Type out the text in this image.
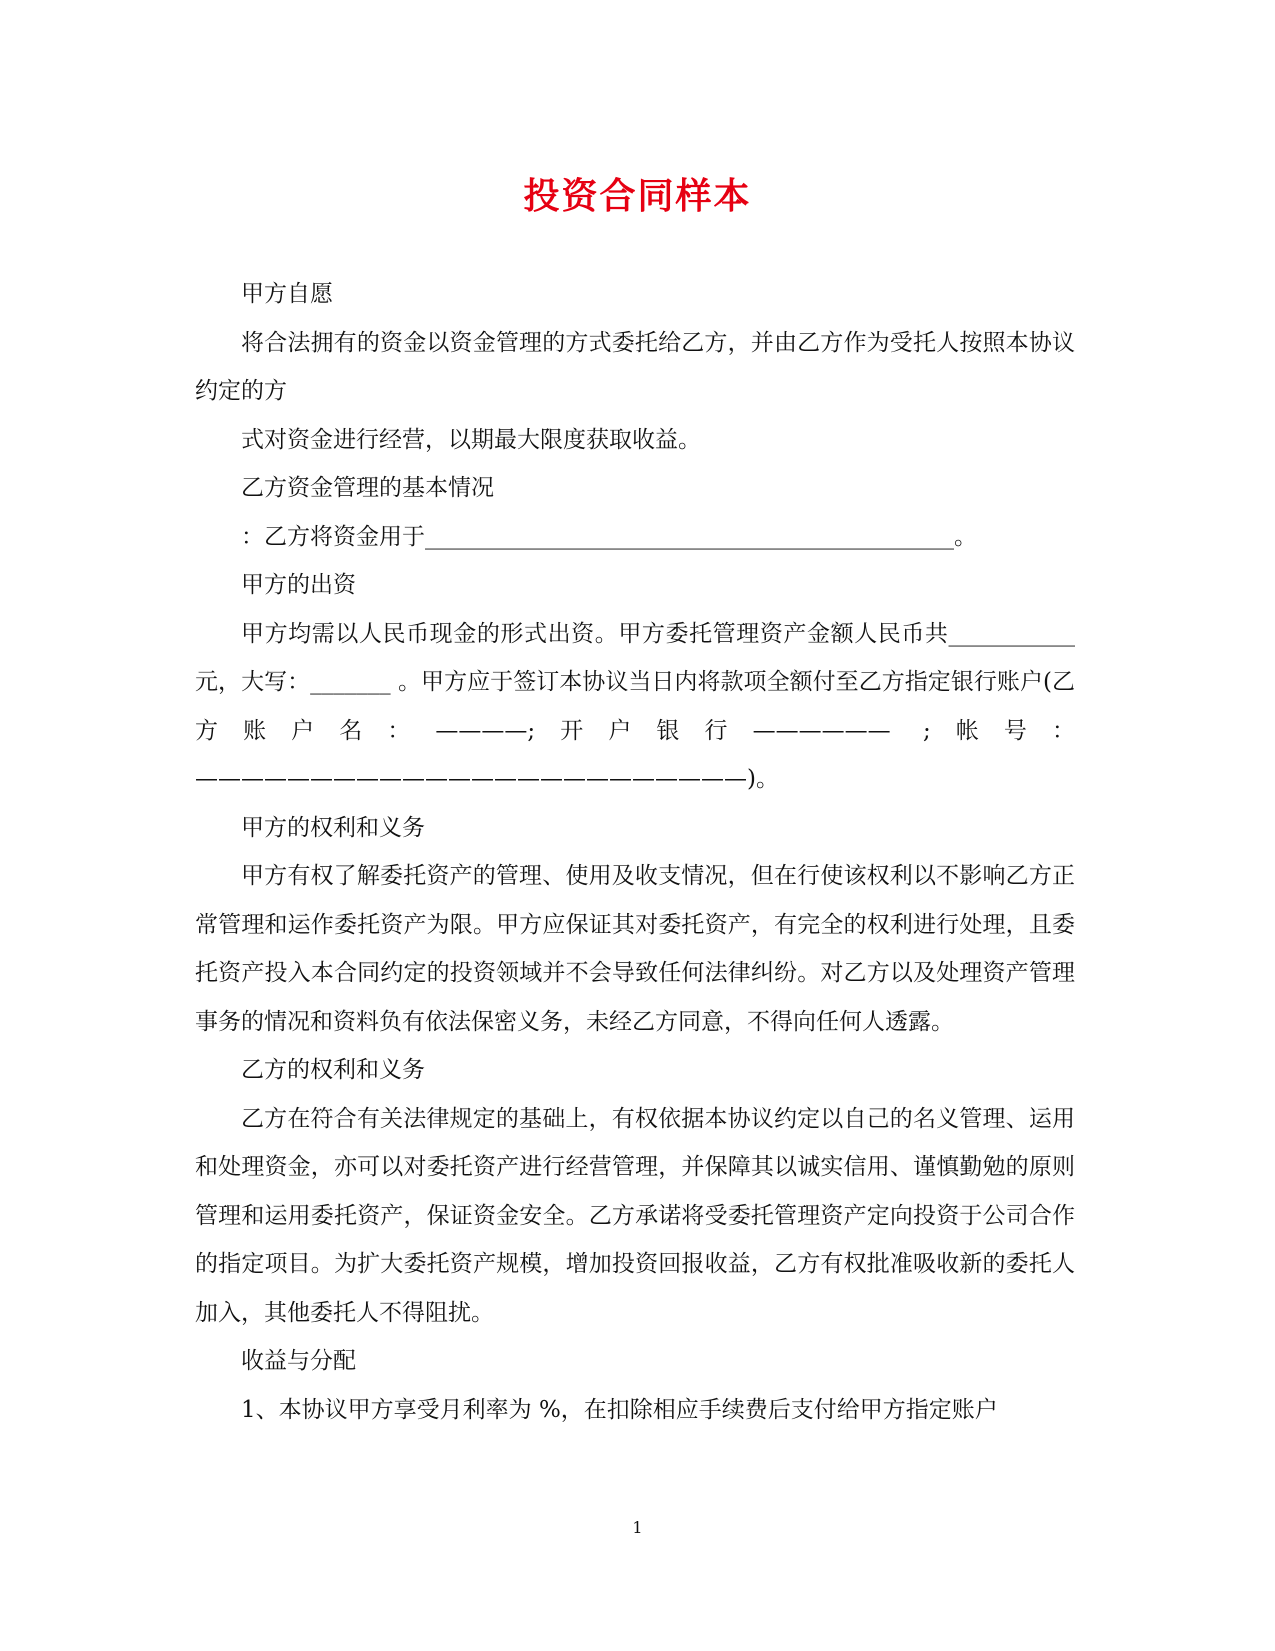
投资合同样本

甲方自愿

将合法拥有的资金以资金管理的方式委托给乙方，并由乙方作为受托人按照本协议约定的方

式对资金进行经营，以期最大限度获取收益。

乙方资金管理的基本情况

：乙方将资金用于______________________________________________。

甲方的出资

甲方均需以人民币现金的形式出资。甲方委托管理资产金额人民币共___________元，大写：_______ 。甲方应于签订本协议当日内将款项全额付至乙方指定银行账户(乙方账户名：————;开户银行—————— ;帐号：————————————————————————)。

甲方的权利和义务

甲方有权了解委托资产的管理、使用及收支情况，但在行使该权利以不影响乙方正常管理和运作委托资产为限。甲方应保证其对委托资产，有完全的权利进行处理，且委托资产投入本合同约定的投资领域并不会导致任何法律纠纷。对乙方以及处理资产管理事务的情况和资料负有依法保密义务，未经乙方同意，不得向任何人透露。

乙方的权利和义务

乙方在符合有关法律规定的基础上，有权依据本协议约定以自己的名义管理、运用和处理资金，亦可以对委托资产进行经营管理，并保障其以诚实信用、谨慎勤勉的原则管理和运用委托资产，保证资金安全。乙方承诺将受委托管理资产定向投资于公司合作的指定项目。为扩大委托资产规模，增加投资回报收益，乙方有权批准吸收新的委托人加入，其他委托人不得阻扰。

收益与分配

1、本协议甲方享受月利率为 %，在扣除相应手续费后支付给甲方指定账户

1
